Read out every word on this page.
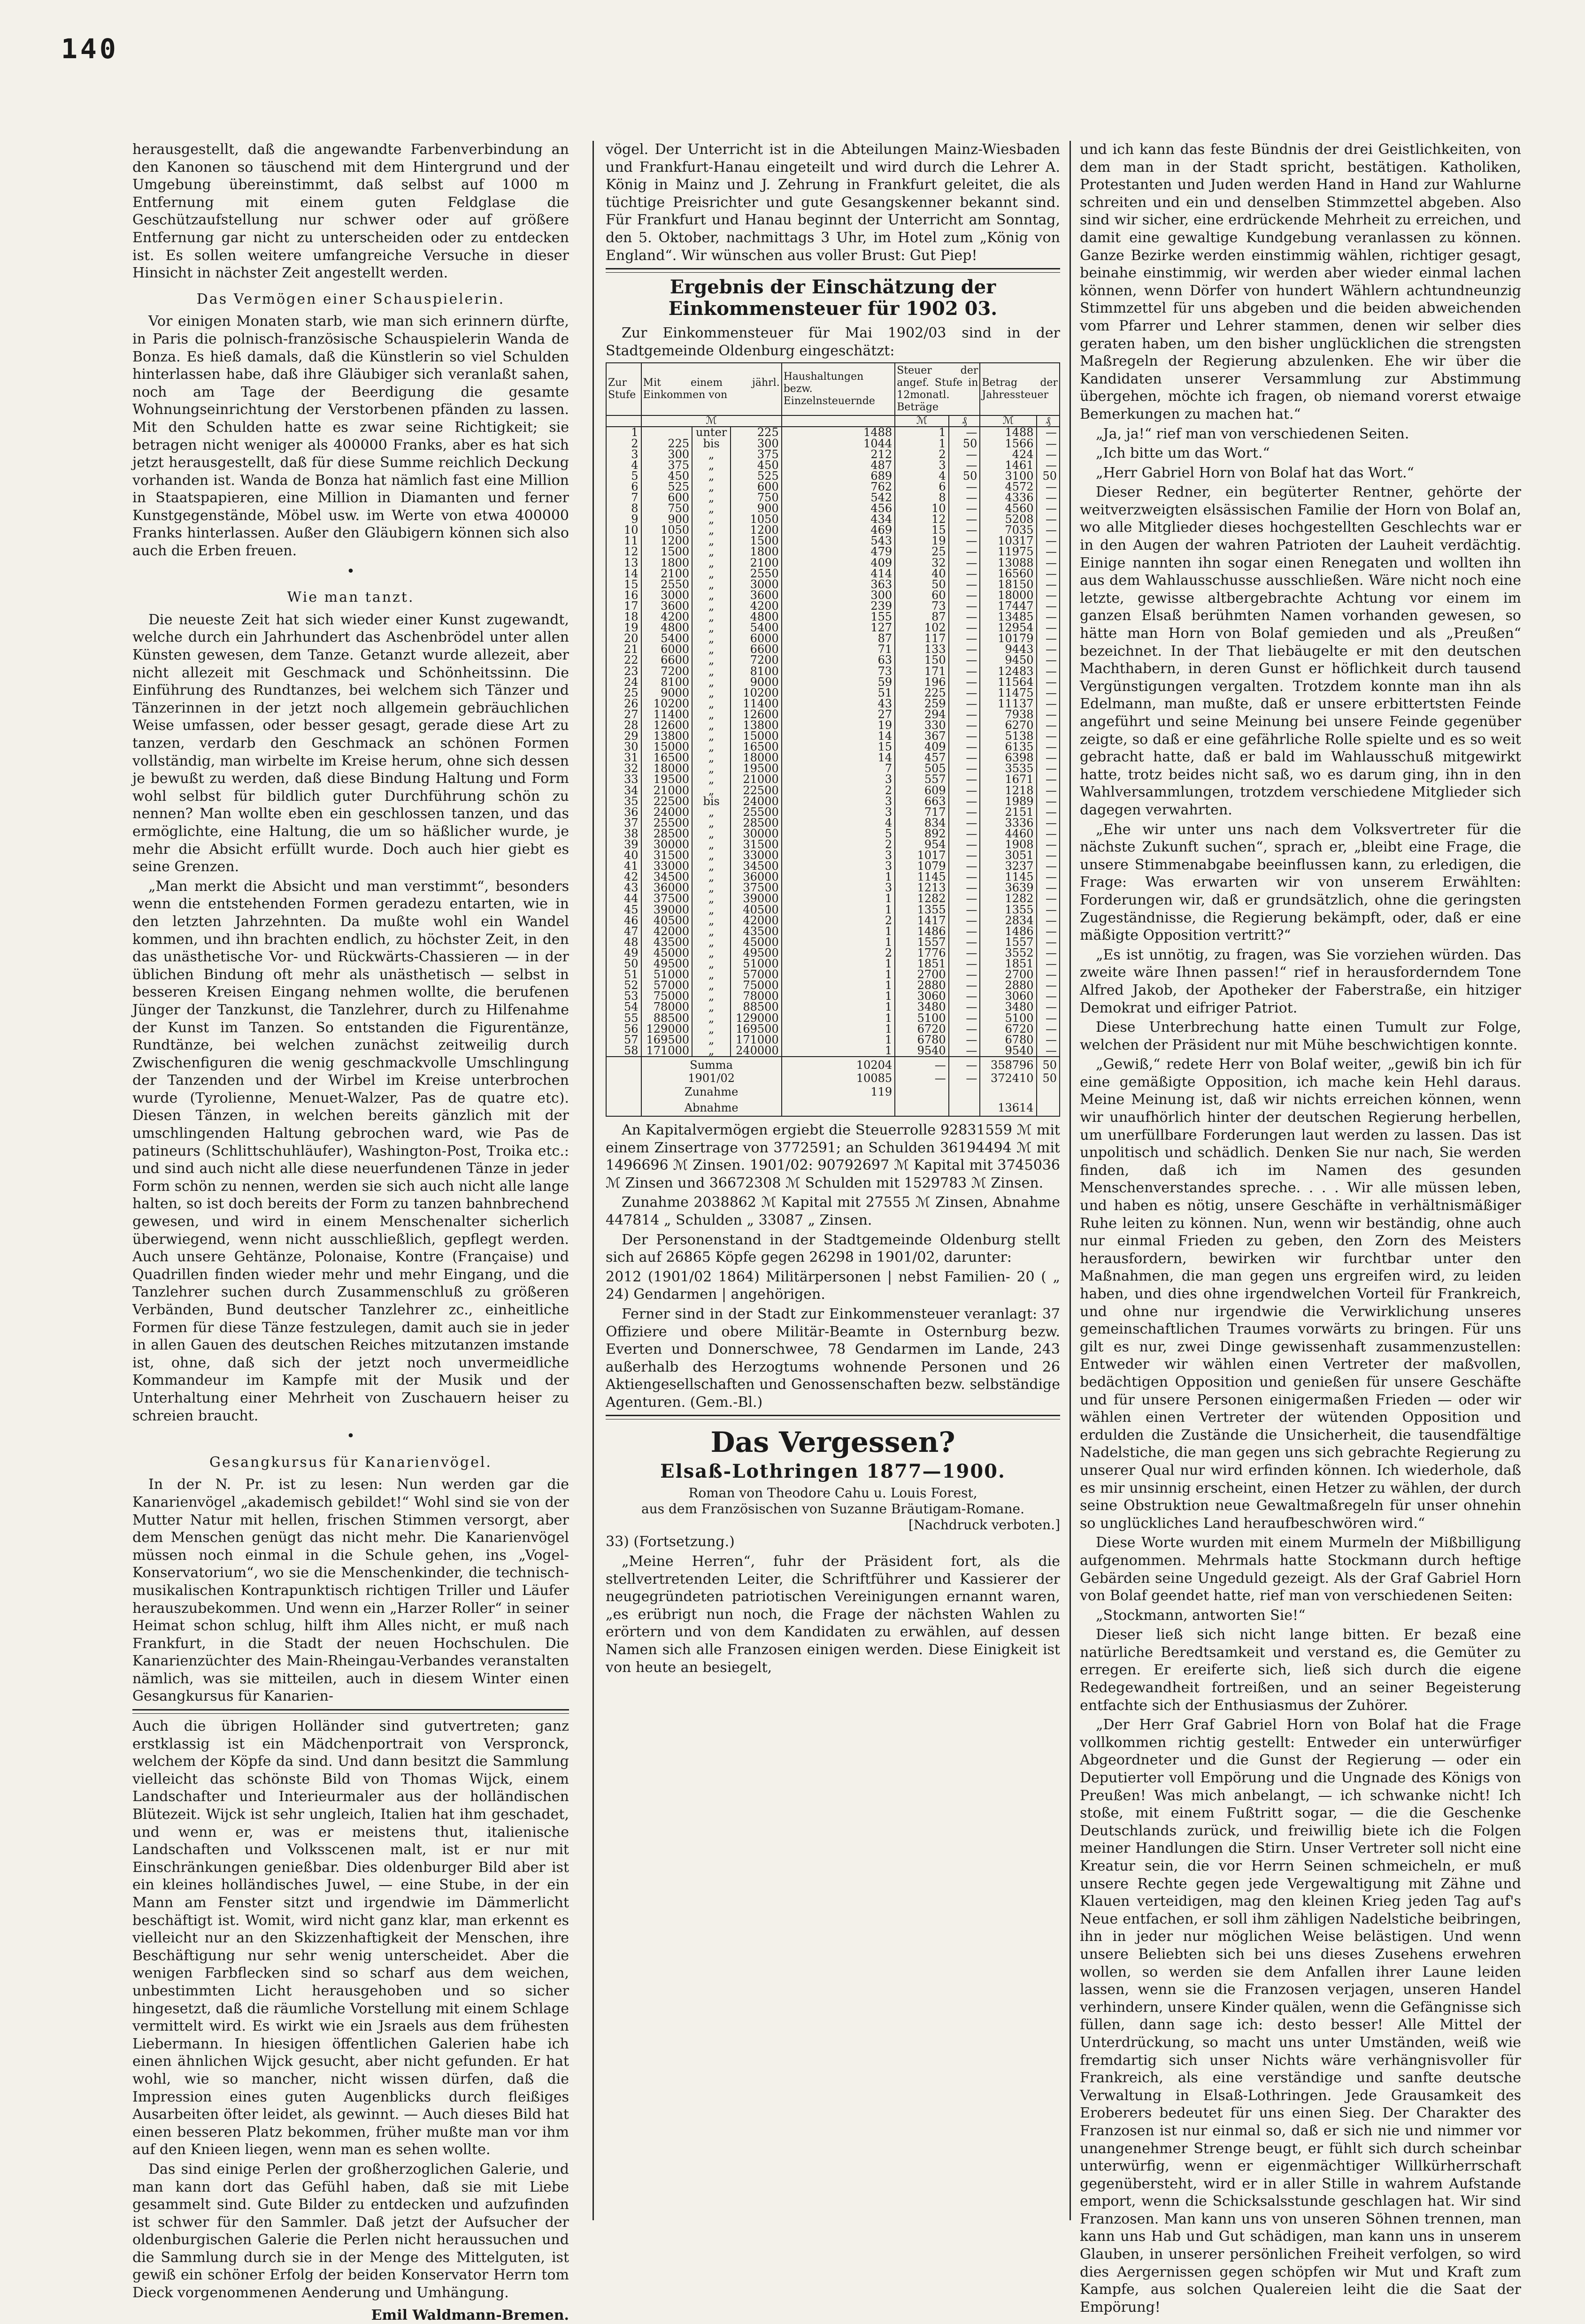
140

herausgestellt, daß die angewandte Farbenverbindung an den Kanonen so täuschend mit dem Hintergrund und der Umgebung übereinstimmt, daß selbst auf 1000 m Entfernung mit einem guten Feldglase die Geschützaufstellung nur schwer oder auf größere Entfernung gar nicht zu unterscheiden oder zu entdecken ist. Es sollen weitere umfangreiche Versuche in dieser Hinsicht in nächster Zeit angestellt werden.

Das Vermögen einer Schauspielerin.

Vor einigen Monaten starb, wie man sich erinnern dürfte, in Paris die polnisch-französische Schauspielerin Wanda de Bonza. Es hieß damals, daß die Künstlerin so viel Schulden hinterlassen habe, daß ihre Gläubiger sich veranlaßt sahen, noch am Tage der Beerdigung die gesamte Wohnungseinrichtung der Verstorbenen pfänden zu lassen. Mit den Schulden hatte es zwar seine Richtigkeit; sie betragen nicht weniger als 400000 Franks, aber es hat sich jetzt herausgestellt, daß für diese Summe reichlich Deckung vorhanden ist. Wanda de Bonza hat nämlich fast eine Million in Staatspapieren, eine Million in Diamanten und ferner Kunstgegenstände, Möbel usw. im Werte von etwa 400000 Franks hinterlassen. Außer den Gläubigern können sich also auch die Erben freuen.

•
Wie man tanzt.

Die neueste Zeit hat sich wieder einer Kunst zugewandt, welche durch ein Jahrhundert das Aschenbrödel unter allen Künsten gewesen, dem Tanze. Getanzt wurde allezeit, aber nicht allezeit mit Geschmack und Schönheitssinn. Die Einführung des Rundtanzes, bei welchem sich Tänzer und Tänzerinnen in der jetzt noch allgemein gebräuchlichen Weise umfassen, oder besser gesagt, gerade diese Art zu tanzen, verdarb den Geschmack an schönen Formen vollständig, man wirbelte im Kreise herum, ohne sich dessen je bewußt zu werden, daß diese Bindung Haltung und Form wohl selbst für bildlich guter Durchführung schön zu nennen? Man wollte eben ein geschlossen tanzen, und das ermöglichte, eine Haltung, die um so häßlicher wurde, je mehr die Absicht erfüllt wurde. Doch auch hier giebt es seine Grenzen.

„Man merkt die Absicht und man verstimmt“, besonders wenn die entstehenden Formen geradezu entarten, wie in den letzten Jahrzehnten. Da mußte wohl ein Wandel kommen, und ihn brachten endlich, zu höchster Zeit, in den das unästhetische Vor- und Rückwärts-Chassieren — in der üblichen Bindung oft mehr als unästhetisch — selbst in besseren Kreisen Eingang nehmen wollte, die berufenen Jünger der Tanzkunst, die Tanzlehrer, durch zu Hilfenahme der Kunst im Tanzen. So entstanden die Figurentänze, Rundtänze, bei welchen zunächst zeitweilig durch Zwischenfiguren die wenig geschmackvolle Umschlingung der Tanzenden und der Wirbel im Kreise unterbrochen wurde (Tyrolienne, Menuet-Walzer, Pas de quatre etc). Diesen Tänzen, in welchen bereits gänzlich mit der umschlingenden Haltung gebrochen ward, wie Pas de patineurs (Schlittschuhläufer), Washington-Post, Troika etc.: und sind auch nicht alle diese neuerfundenen Tänze in jeder Form schön zu nennen, werden sie sich auch nicht alle lange halten, so ist doch bereits der Form zu tanzen bahnbrechend gewesen, und wird in einem Menschenalter sicherlich überwiegend, wenn nicht ausschließlich, gepflegt werden. Auch unsere Gehtänze, Polonaise, Kontre (Française) und Quadrillen finden wieder mehr und mehr Eingang, und die Tanzlehrer suchen durch Zusammenschluß zu größeren Verbänden, Bund deutscher Tanzlehrer zc., einheitliche Formen für diese Tänze festzulegen, damit auch sie in jeder in allen Gauen des deutschen Reiches mitzutanzen imstande ist, ohne, daß sich der jetzt noch unvermeidliche Kommandeur im Kampfe mit der Musik und der Unterhaltung einer Mehrheit von Zuschauern heiser zu schreien braucht.

•
Gesangkursus für Kanarienvögel.

In der N. Pr. ist zu lesen: Nun werden gar die Kanarienvögel „akademisch gebildet!“ Wohl sind sie von der Mutter Natur mit hellen, frischen Stimmen versorgt, aber dem Menschen genügt das nicht mehr. Die Kanarienvögel müssen noch einmal in die Schule gehen, ins „Vogel-Konservatorium“, wo sie die Menschenkinder, die technisch-musikalischen Kontrapunktisch richtigen Triller und Läufer herauszubekommen. Und wenn ein „Harzer Roller“ in seiner Heimat schon schlug, hilft ihm Alles nicht, er muß nach Frankfurt, in die Stadt der neuen Hochschulen. Die Kanarienzüchter des Main-Rheingau-Verbandes veranstalten nämlich, was sie mitteilen, auch in diesem Winter einen Gesangkursus für Kanarien-

Auch die übrigen Holländer sind gutvertreten; ganz erstklassig ist ein Mädchenportrait von Verspronck, welchem der Köpfe da sind. Und dann besitzt die Sammlung vielleicht das schönste Bild von Thomas Wijck, einem Landschafter und Interieurmaler aus der holländischen Blütezeit. Wijck ist sehr ungleich, Italien hat ihm geschadet, und wenn er, was er meistens thut, italienische Landschaften und Volksscenen malt, ist er nur mit Einschränkungen genießbar. Dies oldenburger Bild aber ist ein kleines holländisches Juwel, — eine Stube, in der ein Mann am Fenster sitzt und irgendwie im Dämmerlicht beschäftigt ist. Womit, wird nicht ganz klar, man erkennt es vielleicht nur an den Skizzenhaftigkeit der Menschen, ihre Beschäftigung nur sehr wenig unterscheidet. Aber die wenigen Farbflecken sind so scharf aus dem weichen, unbestimmten Licht herausgehoben und so sicher hingesetzt, daß die räumliche Vorstellung mit einem Schlage vermittelt wird. Es wirkt wie ein Jsraels aus dem frühesten Liebermann. In hiesigen öffentlichen Galerien habe ich einen ähnlichen Wijck gesucht, aber nicht gefunden. Er hat wohl, wie so mancher, nicht wissen dürfen, daß die Impression eines guten Augenblicks durch fleißiges Ausarbeiten öfter leidet, als gewinnt. — Auch dieses Bild hat einen besseren Platz bekommen, früher mußte man vor ihm auf den Knieen liegen, wenn man es sehen wollte.

Das sind einige Perlen der großherzoglichen Galerie, und man kann dort das Gefühl haben, daß sie mit Liebe gesammelt sind. Gute Bilder zu entdecken und aufzufinden ist schwer für den Sammler. Daß jetzt der Aufsucher der oldenburgischen Galerie die Perlen nicht heraussuchen und die Sammlung durch sie in der Menge des Mittelguten, ist gewiß ein schöner Erfolg der beiden Konservator Herrn tom Dieck vorgenommenen Aenderung und Umhängung.

Emil Waldmann-Bremen.

vögel. Der Unterricht ist in die Abteilungen Mainz-Wiesbaden und Frankfurt-Hanau eingeteilt und wird durch die Lehrer A. König in Mainz und J. Zehrung in Frankfurt geleitet, die als tüchtige Preisrichter und gute Gesangskenner bekannt sind. Für Frankfurt und Hanau beginnt der Unterricht am Sonntag, den 5. Oktober, nachmittags 3 Uhr, im Hotel zum „König von England“. Wir wünschen aus voller Brust: Gut Piep!

Ergebnis der Einschätzung der Einkommensteuer für 1902 03.

Zur Einkommensteuer für Mai 1902/03 sind in der Stadtgemeinde Oldenburg eingeschätzt:

Zur Stufe	Mit einem jährl. Einkommen von			Haushaltungen bezw. Einzelnsteuernde	Steuer der angef. Stufe in 12monatl. Beträge		Betrag der Jahressteuer	

	ℳ				ℳ	₰	ℳ	₰
1		unter	225	1488	1	—	1488	—
2	225	bis	300	1044	1	50	1566	—
3	300	„	375	212	2	—	424	—
4	375	„	450	487	3	—	1461	—
5	450	„	525	689	4	50	3100	50
6	525	„	600	762	6	—	4572	—
7	600	„	750	542	8	—	4336	—
8	750	„	900	456	10	—	4560	—
9	900	„	1050	434	12	—	5208	—
10	1050	„	1200	469	15	—	7035	—
11	1200	„	1500	543	19	—	10317	—
12	1500	„	1800	479	25	—	11975	—
13	1800	„	2100	409	32	—	13088	—
14	2100	„	2550	414	40	—	16560	—
15	2550	„	3000	363	50	—	18150	—
16	3000	„	3600	300	60	—	18000	—
17	3600	„	4200	239	73	—	17447	—
18	4200	„	4800	155	87	—	13485	—
19	4800	„	5400	127	102	—	12954	—
20	5400	„	6000	87	117	—	10179	—
21	6000	„	6600	71	133	—	9443	—
22	6600	„	7200	63	150	—	9450	—
23	7200	„	8100	73	171	—	12483	—
24	8100	„	9000	59	196	—	11564	—
25	9000	„	10200	51	225	—	11475	—
26	10200	„	11400	43	259	—	11137	—
27	11400	„	12600	27	294	—	7938	—
28	12600	„	13800	19	330	—	6270	—
29	13800	„	15000	14	367	—	5138	—
30	15000	„	16500	15	409	—	6135	—
31	16500	„	18000	14	457	—	6398	—
32	18000	„	19500	7	505	—	3535	—
33	19500	„	21000	3	557	—	1671	—
34	21000	„	22500	2	609	—	1218	—
35	22500	bis	24000	3	663	—	1989	—
36	24000	„	25500	3	717	—	2151	—
37	25500	„	28500	4	834	—	3336	—
38	28500	„	30000	5	892	—	4460	—
39	30000	„	31500	2	954	—	1908	—
40	31500	„	33000	3	1017	—	3051	—
41	33000	„	34500	3	1079	—	3237	—
42	34500	„	36000	1	1145	—	1145	—
43	36000	„	37500	3	1213	—	3639	—
44	37500	„	39000	1	1282	—	1282	—
45	39000	„	40500	1	1355	—	1355	—
46	40500	„	42000	2	1417	—	2834	—
47	42000	„	43500	1	1486	—	1486	—
48	43500	„	45000	1	1557	—	1557	—
49	45000	„	49500	2	1776	—	3552	—
50	49500	„	51000	1	1851	—	1851	—
51	51000	„	57000	1	2700	—	2700	—
52	57000	„	75000	1	2880	—	2880	—
53	75000	„	78000	1	3060	—	3060	—
54	78000	„	88500	1	3480	—	3480	—
55	88500	„	129000	1	5100	—	5100	—
56	129000	„	169500	1	6720	—	6720	—
57	169500	„	171000	1	6780	—	6780	—
58	171000	„	240000	1	9540	—	9540	—
	Summa			10204	—	—	358796	50
	1901/02			10085	—	—	372410	50
	Zunahme			119				
	Abnahme						13614	

An Kapitalvermögen ergiebt die Steuerrolle 92831559 ℳ mit einem Zinsertrage von 3772591; an Schulden 36194494 ℳ mit 1496696 ℳ Zinsen. 1901/02: 90792697 ℳ Kapital mit 3745036 ℳ Zinsen und 36672308 ℳ Schulden mit 1529783 ℳ Zinsen.

Zunahme 2038862 ℳ Kapital mit 27555 ℳ Zinsen, Abnahme 447814 „ Schulden „ 33087 „ Zinsen.

Der Personenstand in der Stadtgemeinde Oldenburg stellt sich auf 26865 Köpfe gegen 26298 in 1901/02, darunter:

2012 (1901/02 1864) Militärpersonen | nebst Familien- 20 ( „ 24) Gendarmen | angehörigen.

Ferner sind in der Stadt zur Einkommensteuer veranlagt: 37 Offiziere und obere Militär-Beamte in Osternburg bezw. Everten und Donnerschwee, 78 Gendarmen im Lande, 243 außerhalb des Herzogtums wohnende Personen und 26 Aktiengesellschaften und Genossenschaften bezw. selbständige Agenturen. (Gem.-Bl.)

Das Vergessen?
Elsaß-Lothringen 1877—1900.
Roman von Theodore Cahu u. Louis Forest,
aus dem Französischen von Suzanne Bräutigam-Romane.
[Nachdruck verboten.]

33) (Fortsetzung.)

„Meine Herren“, fuhr der Präsident fort, als die stellvertretenden Leiter, die Schriftführer und Kassierer der neugegründeten patriotischen Vereinigungen ernannt waren, „es erübrigt nun noch, die Frage der nächsten Wahlen zu erörtern und von dem Kandidaten zu erwählen, auf dessen Namen sich alle Franzosen einigen werden. Diese Einigkeit ist von heute an besiegelt,

und ich kann das feste Bündnis der drei Geistlichkeiten, von dem man in der Stadt spricht, bestätigen. Katholiken, Protestanten und Juden werden Hand in Hand zur Wahlurne schreiten und ein und denselben Stimmzettel abgeben. Also sind wir sicher, eine erdrückende Mehrheit zu erreichen, und damit eine gewaltige Kundgebung veranlassen zu können. Ganze Bezirke werden einstimmig wählen, richtiger gesagt, beinahe einstimmig, wir werden aber wieder einmal lachen können, wenn Dörfer von hundert Wählern achtundneunzig Stimmzettel für uns abgeben und die beiden abweichenden vom Pfarrer und Lehrer stammen, denen wir selber dies geraten haben, um den bisher unglücklichen die strengsten Maßregeln der Regierung abzulenken. Ehe wir über die Kandidaten unserer Versammlung zur Abstimmung übergehen, möchte ich fragen, ob niemand vorerst etwaige Bemerkungen zu machen hat.“

„Ja, ja!“ rief man von verschiedenen Seiten.

„Ich bitte um das Wort.“

„Herr Gabriel Horn von Bolaf hat das Wort.“

Dieser Redner, ein begüterter Rentner, gehörte der weitverzweigten elsässischen Familie der Horn von Bolaf an, wo alle Mitglieder dieses hochgestellten Geschlechts war er in den Augen der wahren Patrioten der Lauheit verdächtig. Einige nannten ihn sogar einen Renegaten und wollten ihn aus dem Wahlausschusse ausschließen. Wäre nicht noch eine letzte, gewisse altbergebrachte Achtung vor einem im ganzen Elsaß berühmten Namen vorhanden gewesen, so hätte man Horn von Bolaf gemieden und als „Preußen“ bezeichnet. In der That liebäugelte er mit den deutschen Machthabern, in deren Gunst er höflichkeit durch tausend Vergünstigungen vergalten. Trotzdem konnte man ihn als Edelmann, man mußte, daß er unsere erbittertsten Feinde angeführt und seine Meinung bei unsere Feinde gegenüber zeigte, so daß er eine gefährliche Rolle spielte und es so weit gebracht hatte, daß er bald im Wahlausschuß mitgewirkt hatte, trotz beides nicht saß, wo es darum ging, ihn in den Wahlversammlungen, trotzdem verschiedene Mitglieder sich dagegen verwahrten.

„Ehe wir unter uns nach dem Volksvertreter für die nächste Zukunft suchen“, sprach er, „bleibt eine Frage, die unsere Stimmenabgabe beeinflussen kann, zu erledigen, die Frage: Was erwarten wir von unserem Erwählten: Forderungen wir, daß er grundsätzlich, ohne die geringsten Zugeständnisse, die Regierung bekämpft, oder, daß er eine mäßigte Opposition vertritt?“

„Es ist unnötig, zu fragen, was Sie vorziehen würden. Das zweite wäre Ihnen passen!“ rief in herausforderndem Tone Alfred Jakob, der Apotheker der Faberstraße, ein hitziger Demokrat und eifriger Patriot.

Diese Unterbrechung hatte einen Tumult zur Folge, welchen der Präsident nur mit Mühe beschwichtigen konnte.

„Gewiß,“ redete Herr von Bolaf weiter, „gewiß bin ich für eine gemäßigte Opposition, ich mache kein Hehl daraus. Meine Meinung ist, daß wir nichts erreichen können, wenn wir unaufhörlich hinter der deutschen Regierung herbellen, um unerfüllbare Forderungen laut werden zu lassen. Das ist unpolitisch und schädlich. Denken Sie nur nach, Sie werden finden, daß ich im Namen des gesunden Menschenverstandes spreche. . . . Wir alle müssen leben, und haben es nötig, unsere Geschäfte in verhältnismäßiger Ruhe leiten zu können. Nun, wenn wir beständig, ohne auch nur einmal Frieden zu geben, den Zorn des Meisters herausfordern, bewirken wir furchtbar unter den Maßnahmen, die man gegen uns ergreifen wird, zu leiden haben, und dies ohne irgendwelchen Vorteil für Frankreich, und ohne nur irgendwie die Verwirklichung unseres gemeinschaftlichen Traumes vorwärts zu bringen. Für uns gilt es nur, zwei Dinge gewissenhaft zusammenzustellen: Entweder wir wählen einen Vertreter der maßvollen, bedächtigen Opposition und genießen für unsere Geschäfte und für unsere Personen einigermaßen Frieden — oder wir wählen einen Vertreter der wütenden Opposition und erdulden die Zustände die Unsicherheit, die tausendfältige Nadelstiche, die man gegen uns sich gebrachte Regierung zu unserer Qual nur wird erfinden können. Ich wiederhole, daß es mir unsinnig erscheint, einen Hetzer zu wählen, der durch seine Obstruktion neue Gewaltmaßregeln für unser ohnehin so unglückliches Land heraufbeschwören wird.“

Diese Worte wurden mit einem Murmeln der Mißbilligung aufgenommen. Mehrmals hatte Stockmann durch heftige Gebärden seine Ungeduld gezeigt. Als der Graf Gabriel Horn von Bolaf geendet hatte, rief man von verschiedenen Seiten:

„Stockmann, antworten Sie!“

Dieser ließ sich nicht lange bitten. Er bezaß eine natürliche Beredtsamkeit und verstand es, die Gemüter zu erregen. Er ereiferte sich, ließ sich durch die eigene Redegewandheit fortreißen, und an seiner Begeisterung entfachte sich der Enthusiasmus der Zuhörer.

„Der Herr Graf Gabriel Horn von Bolaf hat die Frage vollkommen richtig gestellt: Entweder ein unterwürfiger Abgeordneter und die Gunst der Regierung — oder ein Deputierter voll Empörung und die Ungnade des Königs von Preußen! Was mich anbelangt, — ich schwanke nicht! Ich stoße, mit einem Fußtritt sogar, — die die Geschenke Deutschlands zurück, und freiwillig biete ich die Folgen meiner Handlungen die Stirn. Unser Vertreter soll nicht eine Kreatur sein, die vor Herrn Seinen schmeicheln, er muß unsere Rechte gegen jede Vergewaltigung mit Zähne und Klauen verteidigen, mag den kleinen Krieg jeden Tag auf's Neue entfachen, er soll ihm zähligen Nadelstiche beibringen, ihn in jeder nur möglichen Weise belästigen. Und wenn unsere Beliebten sich bei uns dieses Zusehens erwehren wollen, so werden sie dem Anfallen ihrer Laune leiden lassen, wenn sie die Franzosen verjagen, unseren Handel verhindern, unsere Kinder quälen, wenn die Gefängnisse sich füllen, dann sage ich: desto besser! Alle Mittel der Unterdrückung, so macht uns unter Umständen, weiß wie fremdartig sich unser Nichts wäre verhängnisvoller für Frankreich, als eine verständige und sanfte deutsche Verwaltung in Elsaß-Lothringen. Jede Grausamkeit des Eroberers bedeutet für uns einen Sieg. Der Charakter des Franzosen ist nur einmal so, daß er sich nie und nimmer vor unangenehmer Strenge beugt, er fühlt sich durch scheinbar unterwürfig, wenn er eigenmächtiger Willkürherrschaft gegenübersteht, wird er in aller Stille in wahrem Aufstande emport, wenn die Schicksalsstunde geschlagen hat. Wir sind Franzosen. Man kann uns von unseren Söhnen trennen, man kann uns Hab und Gut schädigen, man kann uns in unserem Glauben, in unserer persönlichen Freiheit verfolgen, so wird dies Aergernissen gegen schöpfen wir Mut und Kraft zum Kampfe, aus solchen Qualereien leiht die die Saat der Empörung!
